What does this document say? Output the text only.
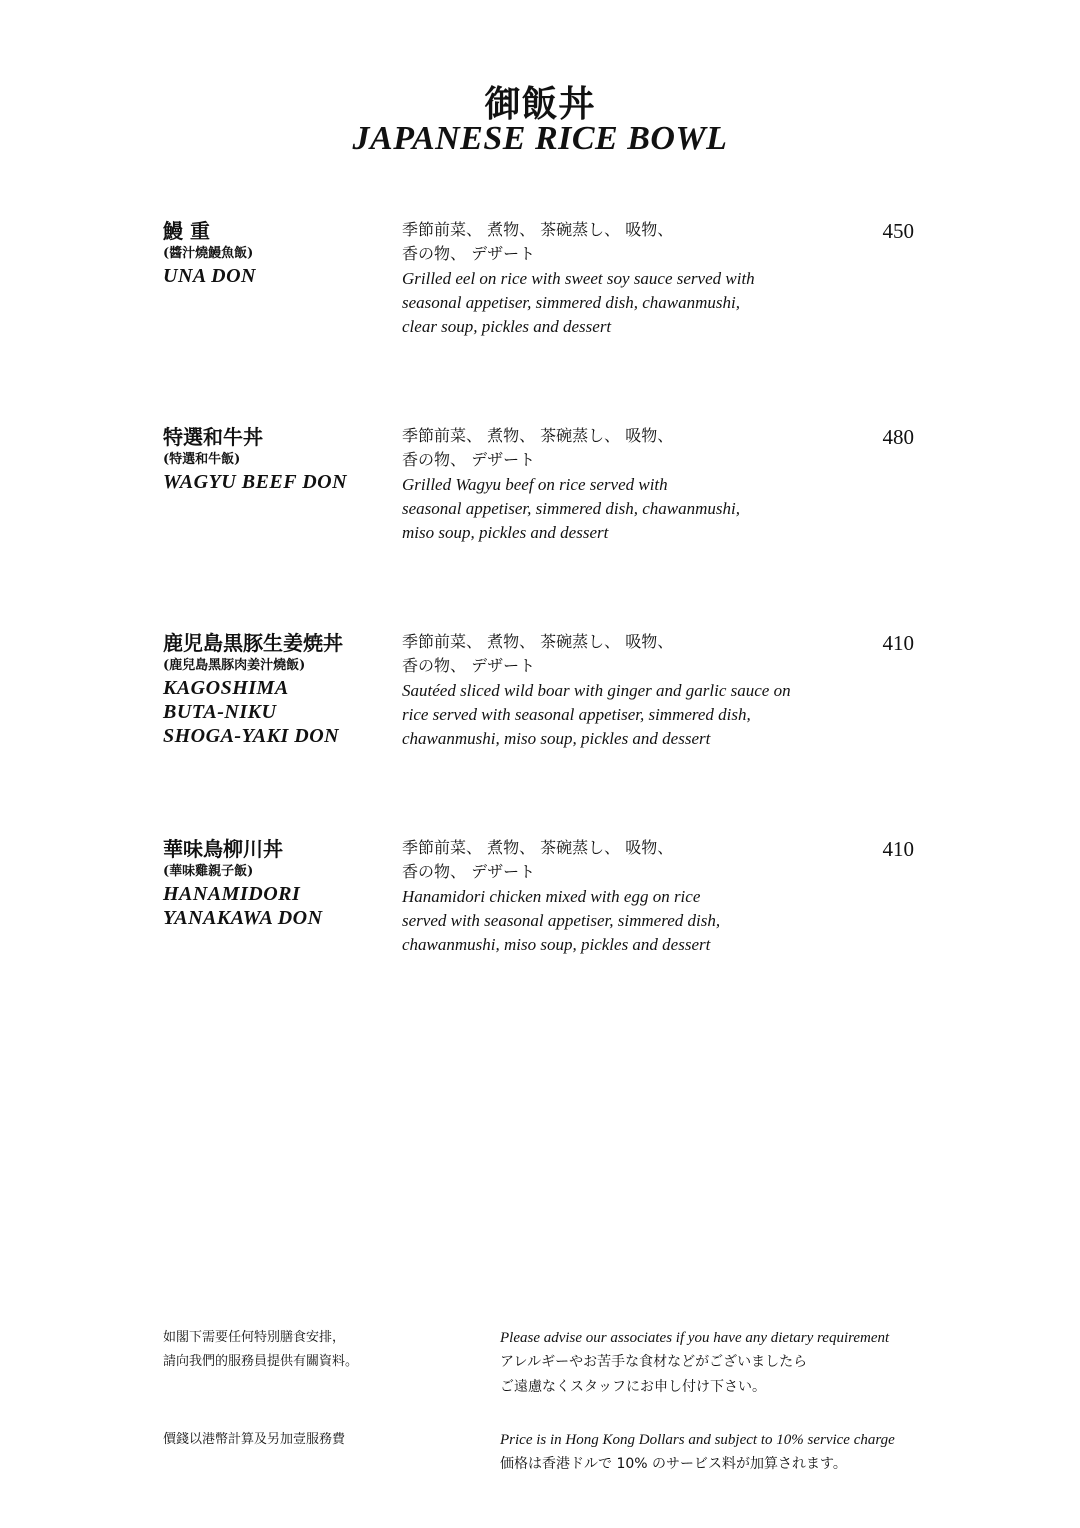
御飯丼
JAPANESE RICE BOWL
鰻 重
(醬汁燒鰻魚飯)
UNA DON
季節前菜、 煮物、 茶碗蒸し、 吸物、
香の物、 デザート
Grilled eel on rice with sweet soy sauce served with
seasonal appetiser, simmered dish, chawanmushi,
clear soup, pickles and dessert
450
特選和牛丼
(特選和牛飯)
WAGYU BEEF DON
季節前菜、 煮物、 茶碗蒸し、 吸物、
香の物、 デザート
Grilled Wagyu beef on rice served with
seasonal appetiser, simmered dish, chawanmushi,
miso soup, pickles and dessert
480
鹿児島黒豚生姜焼丼
(鹿兒島黑豚肉姜汁燒飯)
KAGOSHIMA
BUTA-NIKU
SHOGA-YAKI DON
季節前菜、 煮物、 茶碗蒸し、 吸物、
香の物、 デザート
Sautéed sliced wild boar with ginger and garlic sauce on
rice served with seasonal appetiser, simmered dish,
chawanmushi, miso soup, pickles and dessert
410
華味鳥柳川丼
(華味雞親子飯)
HANAMIDORI
YANAKAWA DON
季節前菜、 煮物、 茶碗蒸し、 吸物、
香の物、 デザート
Hanamidori chicken mixed with egg on rice
served with seasonal appetiser, simmered dish,
chawanmushi, miso soup, pickles and dessert
410
如閣下需要任何特別膳食安排，
請向我們的服務員提供有關資料。
Please advise our associates if you have any dietary requirement
アレルギーやお苦手な食材などがございましたら
ご遠慮なくスタッフにお申し付け下さい。
價錢以港幣計算及另加壹服務費	Price is in Hong Kong Dollars and subject to 10% service charge
価格は香港ドルで 10% のサービス料が加算されます。
